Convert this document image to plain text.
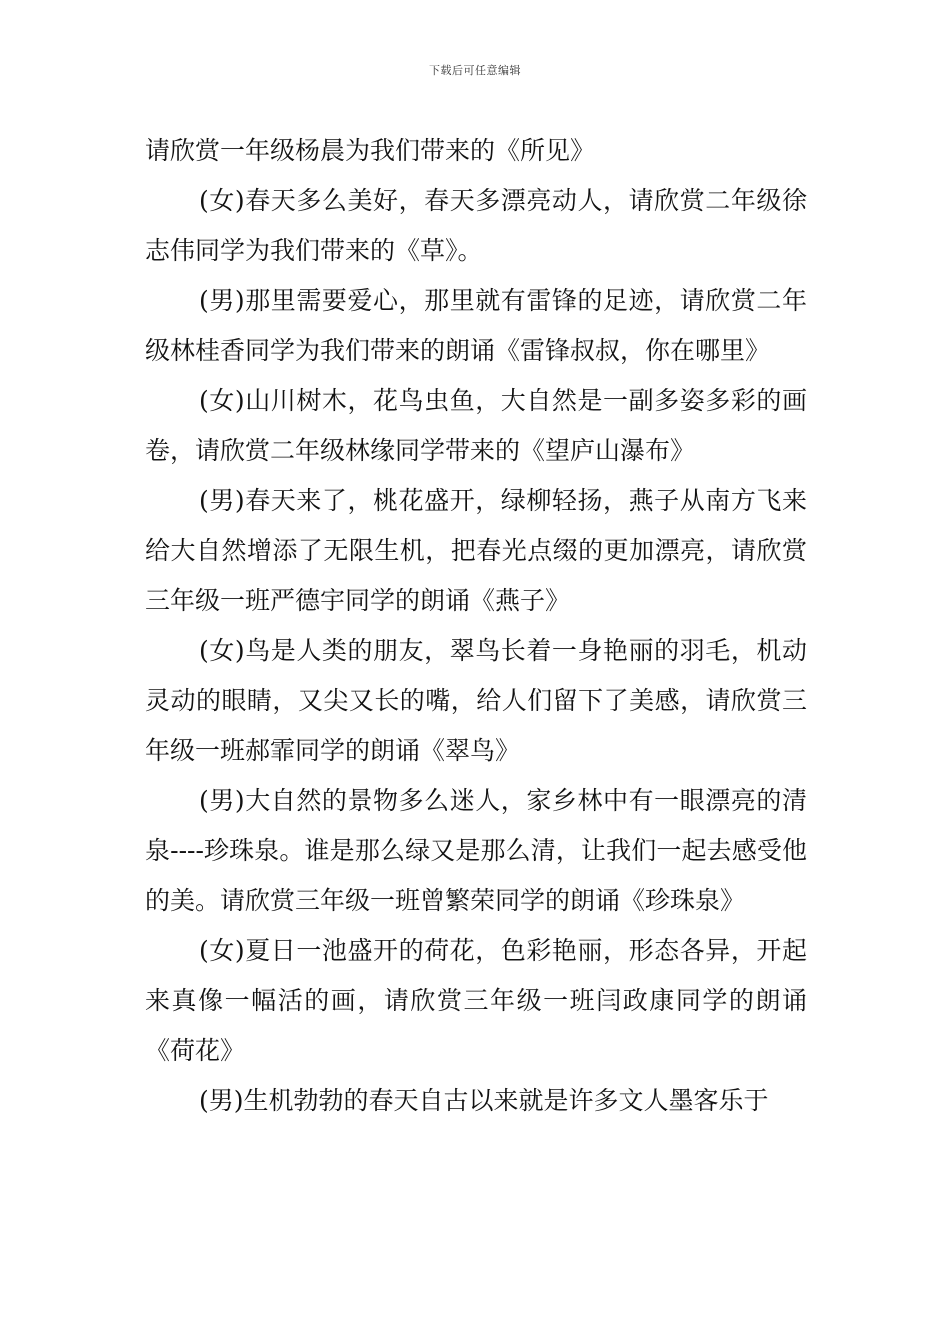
下载后可任意编辑

请欣赏一年级杨晨为我们带来的《所见》

(女)春天多么美好，春天多漂亮动人，请欣赏二年级徐志伟同学为我们带来的《草》。

(男)那里需要爱心，那里就有雷锋的足迹，请欣赏二年级林桂香同学为我们带来的朗诵《雷锋叔叔，你在哪里》

(女)山川树木，花鸟虫鱼，大自然是一副多姿多彩的画卷，请欣赏二年级林缘同学带来的《望庐山瀑布》

(男)春天来了，桃花盛开，绿柳轻扬，燕子从南方飞来给大自然增添了无限生机，把春光点缀的更加漂亮，请欣赏三年级一班严德宇同学的朗诵《燕子》

(女)鸟是人类的朋友，翠鸟长着一身艳丽的羽毛，机动灵动的眼睛，又尖又长的嘴，给人们留下了美感，请欣赏三年级一班郝霏同学的朗诵《翠鸟》

(男)大自然的景物多么迷人，家乡林中有一眼漂亮的清泉----珍珠泉。谁是那么绿又是那么清，让我们一起去感受他的美。请欣赏三年级一班曾繁荣同学的朗诵《珍珠泉》

(女)夏日一池盛开的荷花，色彩艳丽，形态各异，开起来真像一幅活的画，请欣赏三年级一班闫政康同学的朗诵《荷花》

(男)生机勃勃的春天自古以来就是许多文人墨客乐于
